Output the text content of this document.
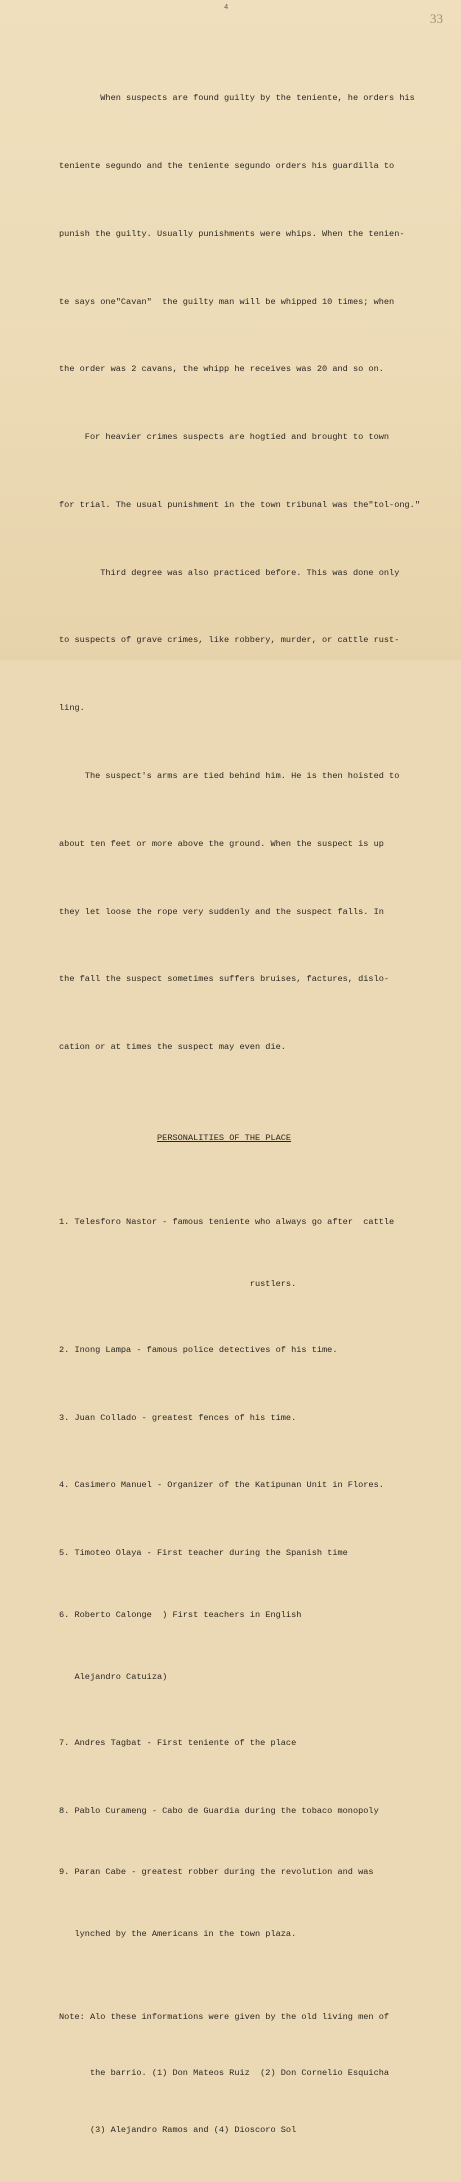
4
33

When suspects are found guilty by the teniente, he orders his

teniente segundo and the teniente segundo orders his guardilla to

punish the guilty. Usually punishments were whips. When the tenien-

te says one"Cavan"  the guilty man will be whipped 10 times; when

the order was 2 cavans, the whipp he receives was 20 and so on.

For heavier crimes suspects are hogtied and brought to town

for trial. The usual punishment in the town tribunal was the"tol-ong."

Third degree was also practiced before. This was done only

to suspects of grave crimes, like robbery, murder, or cattle rust-

ling.

The suspect's arms are tied behind him. He is then hoisted to

about ten feet or more above the ground. When the suspect is up

they let loose the rope very suddenly and the suspect falls. In

the fall the suspect sometimes suffers bruises, factures, dislo-

cation or at times the suspect may even die.

PERSONALITIES OF THE PLACE

1. Telesforo Nastor - famous teniente who always go after  cattle

rustlers.

2. Inong Lampa - famous police detectives of his time.

3. Juan Collado - greatest fences of his time.

4. Casimero Manuel - Organizer of the Katipunan Unit in Flores.

5. Timoteo Olaya - First teacher during the Spanish time

6. Roberto Calonge  ) First teachers in English

Alejandro Catuiza)

7. Andres Tagbat - First teniente of the place

8. Pablo Curameng - Cabo de Guardia during the tobaco monopoly

9. Paran Cabe - greatest robber during the revolution and was

lynched by the Americans in the town plaza.

Note: Alo these informations were given by the old living men of

the barrio. (1) Don Mateos Ruiz  (2) Don Cornelio Esquicha

(3) Alejandro Ramos and (4) Dioscoro Sol
